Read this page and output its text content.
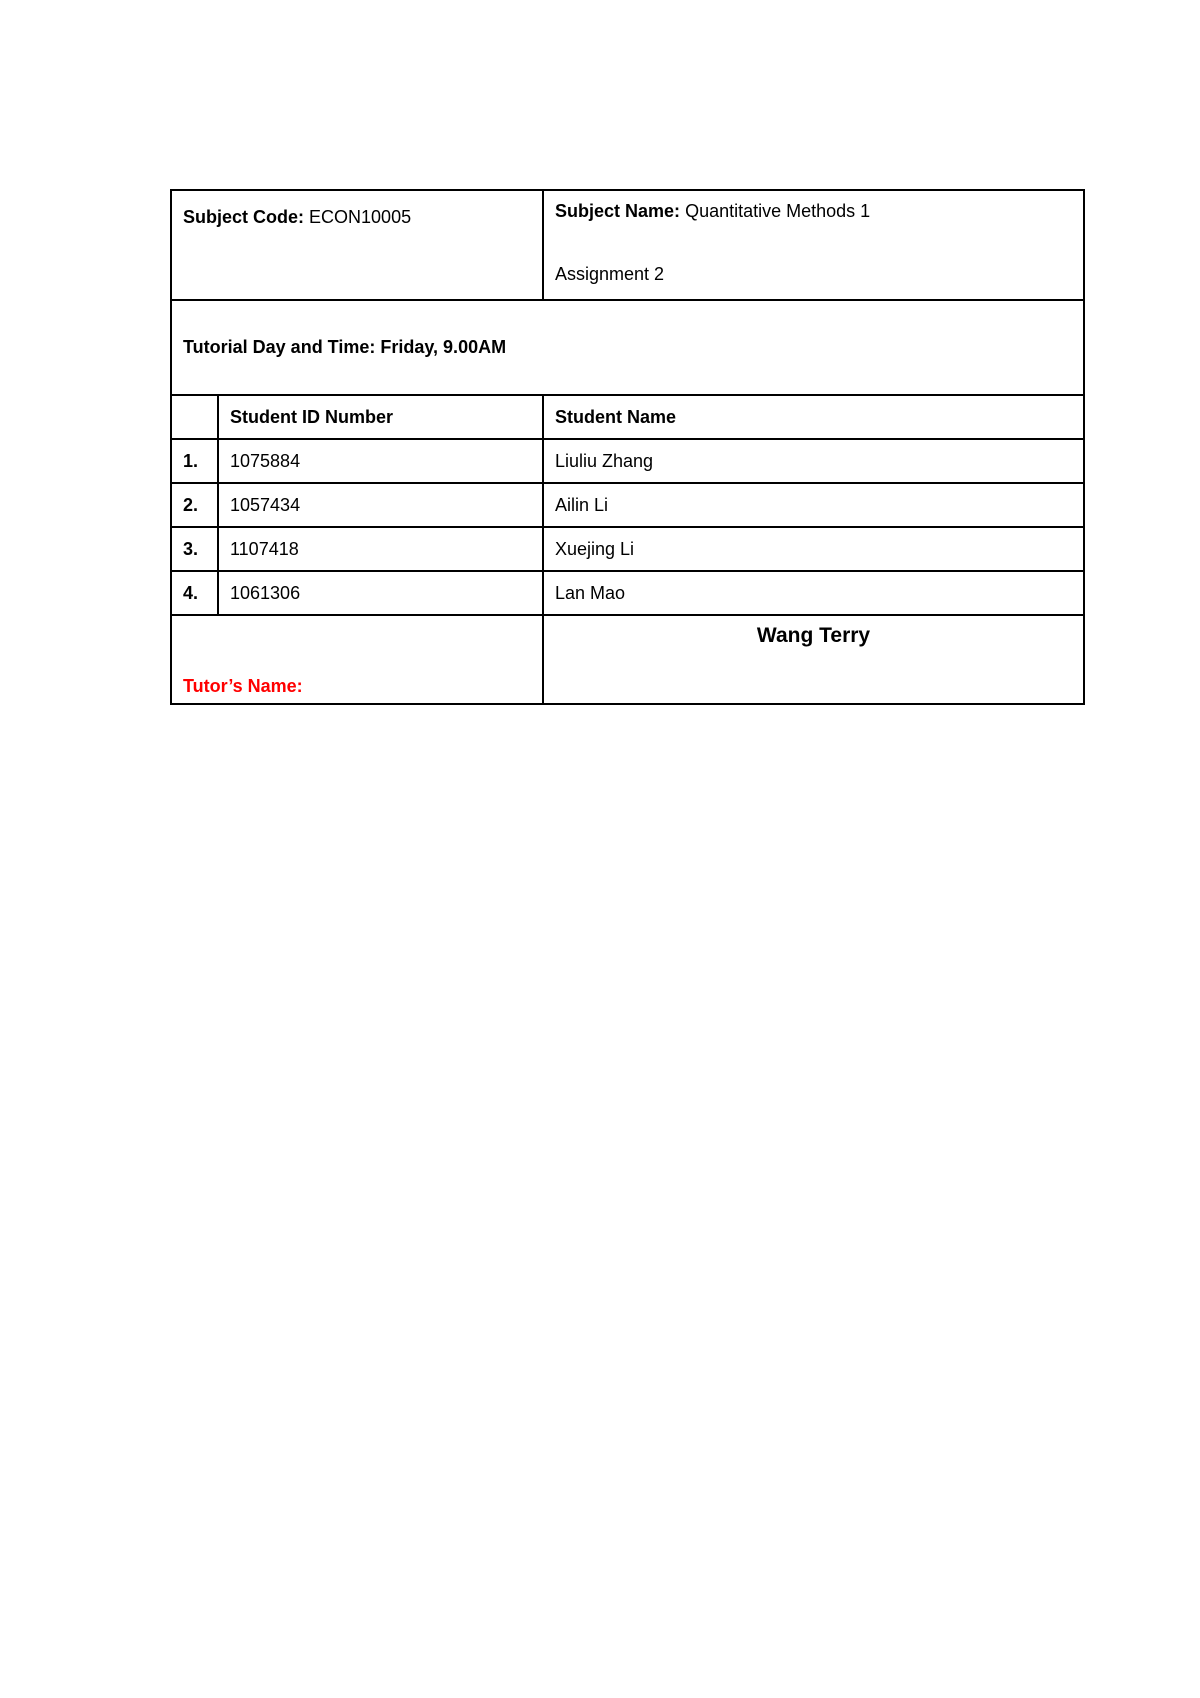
Subject Code: ECON10005		Subject Name: Quantitative Methods 1
Assignment 2

Tutorial Day and Time: Friday, 9.00AM		
	Student ID Number	Student Name
1.	1075884	Liuliu Zhang
2.	1057434	Ailin Li
3.	1107418	Xuejing Li
4.	1061306	Lan Mao
Tutor’s Name:		Wang Terry
